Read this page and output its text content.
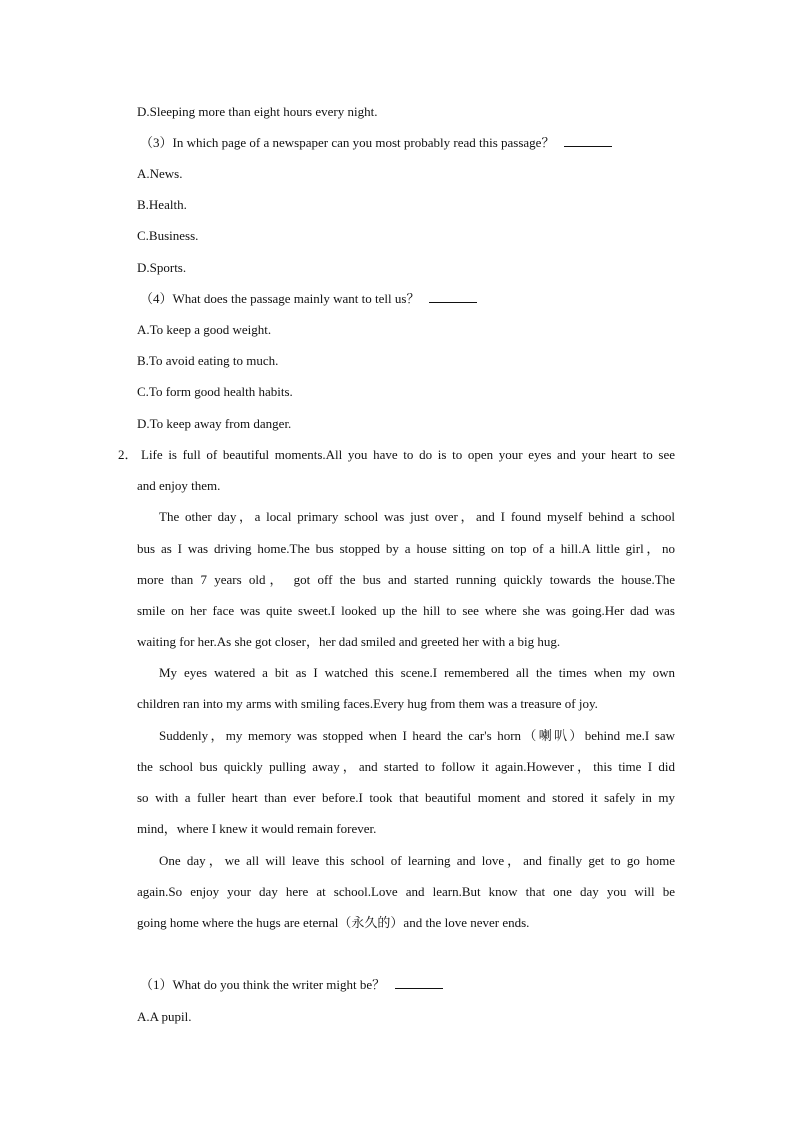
D.Sleeping more than eight hours every night.
（3）In which page of a newspaper can you most probably read this passage？
A.News.
B.Health.
C.Business.
D.Sports.
（4）What does the passage mainly want to tell us？
A.To keep a good weight.
B.To avoid eating to much.
C.To form good health habits.
D.To keep away from danger.
2． Life is full of beautiful moments.All you have to do is to open your eyes and your heart to see
and enjoy them.
The other day，a local primary school was just over，and I found myself behind a school
bus as I was driving home.The bus stopped by a house sitting on top of a hill.A little girl，no
more than 7 years old， got off the bus and started running quickly towards the house.The
smile on her face was quite sweet.I looked up the hill to see where she was going.Her dad was
waiting for her.As she got closer，her dad smiled and greeted her with a big hug.
My eyes watered a bit as I watched this scene.I remembered all the times when my own
children ran into my arms with smiling faces.Every hug from them was a treasure of joy.
Suddenly，my memory was stopped when I heard the car's horn（喇叭）behind me.I saw
the school bus quickly pulling away，and started to follow it again.However，this time I did
so with a fuller heart than ever before.I took that beautiful moment and stored it safely in my
mind，where I knew it would remain forever.
One day，we all will leave this school of learning and love，and finally get to go home
again.So enjoy your day here at school.Love and learn.But know that one day you will be
going home where the hugs are eternal（永久的）and the love never ends.
（1）What do you think the writer might be？
A.A pupil.
